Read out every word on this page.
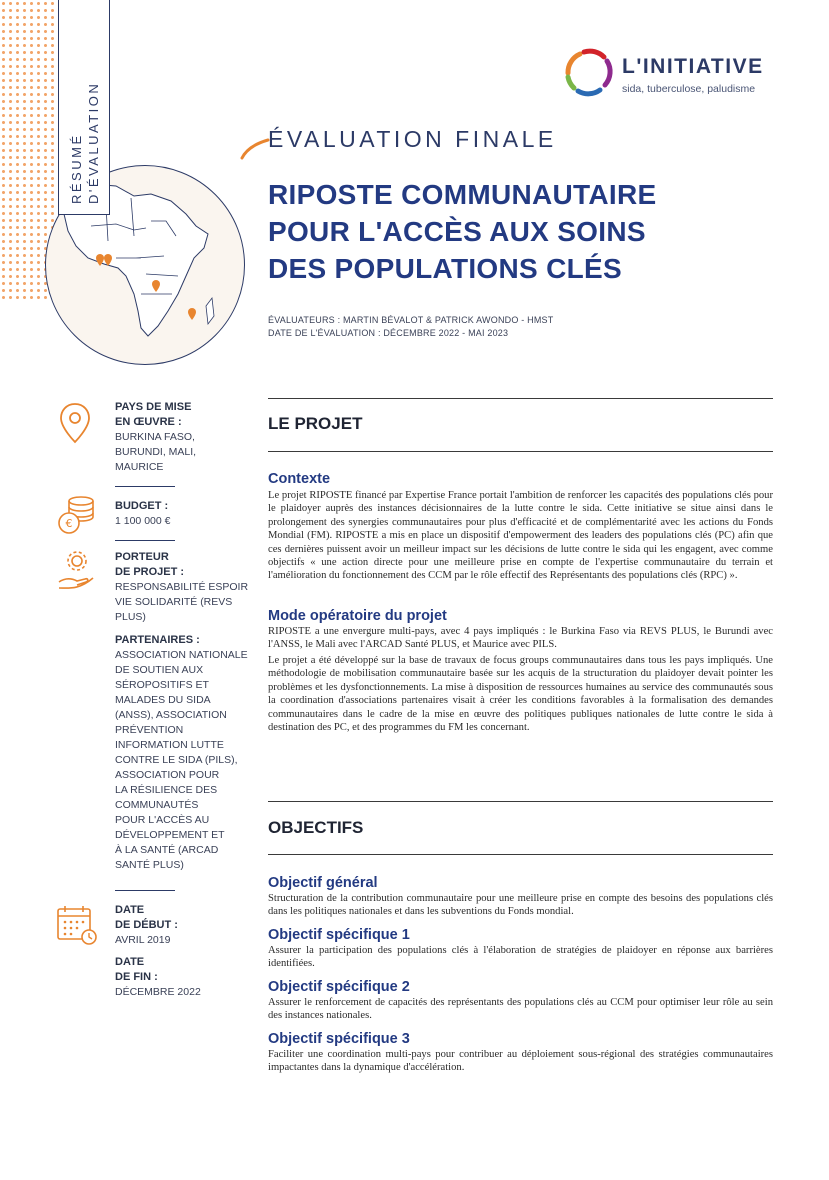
RÉSUMÉ D'ÉVALUATION
L'INITIATIVE
sida, tuberculose, paludisme
ÉVALUATION FINALE
RIPOSTE COMMUNAUTAIRE
POUR L'ACCÈS AUX SOINS
DES POPULATIONS CLÉS
ÉVALUATEURS : MARTIN BÉVALOT & PATRICK AWONDO - HMST
DATE DE L'ÉVALUATION : DÉCEMBRE 2022 - MAI 2023
€
PAYS DE MISE
EN ŒUVRE :
BURKINA FASO,
BURUNDI, MALI,
MAURICE
BUDGET :
1 100 000 €
PORTEUR
DE PROJET :
RESPONSABILITÉ ESPOIR
VIE SOLIDARITÉ (REVS
PLUS)
PARTENAIRES :
ASSOCIATION NATIONALE
DE SOUTIEN AUX
SÉROPOSITIFS ET
MALADES DU SIDA
(ANSS), ASSOCIATION
PRÉVENTION
INFORMATION LUTTE
CONTRE LE SIDA (PILS),
ASSOCIATION POUR
LA RÉSILIENCE DES
COMMUNAUTÉS
POUR L'ACCÈS AU
DÉVELOPPEMENT ET
À LA SANTÉ (ARCAD
SANTÉ PLUS)
DATE
DE DÉBUT :
AVRIL 2019
DATE
DE FIN :
DÉCEMBRE 2022
LE PROJET
Contexte
Le projet RIPOSTE financé par Expertise France portait l'ambition de renforcer les capacités des populations clés pour le plaidoyer auprès des instances décisionnaires de la lutte contre le sida. Cette initiative se situe ainsi dans le prolongement des synergies communautaires pour plus d'efficacité et de complémentarité avec les actions du Fonds Mondial (FM). RIPOSTE a mis en place un dispositif d'empowerment des leaders des populations clés (PC) afin que ces dernières puissent avoir un meilleur impact sur les décisions de lutte contre le sida qui les engagent, avec comme objectifs « une action directe pour une meilleure prise en compte de l'expertise communautaire du terrain et l'amélioration du fonctionnement des CCM par le rôle effectif des Représentants des populations clés (RPC) ».
Mode opératoire du projet
RIPOSTE a une envergure multi-pays, avec 4 pays impliqués : le Burkina Faso via REVS PLUS, le Burundi avec l'ANSS, le Mali avec l'ARCAD Santé PLUS, et Maurice avec PILS.
Le projet a été développé sur la base de travaux de focus groups communautaires dans tous les pays impliqués. Une méthodologie de mobilisation communautaire basée sur les acquis de la structuration du plaidoyer devait pointer les problèmes et les dysfonctionnements. La mise à disposition de ressources humaines au service des communautés sous la coordination d'associations partenaires visait à créer les conditions favorables à la formalisation des demandes communautaires dans le cadre de la mise en œuvre des politiques publiques nationales de lutte contre le sida à destination des PC, et des programmes du FM les concernant.
OBJECTIFS
Objectif général
Structuration de la contribution communautaire pour une meilleure prise en compte des besoins des populations clés dans les politiques nationales et dans les subventions du Fonds mondial.
Objectif spécifique 1
Assurer la participation des populations clés à l'élaboration de stratégies de plaidoyer en réponse aux barrières identifiées.
Objectif spécifique 2
Assurer le renforcement de capacités des représentants des populations clés au CCM pour optimiser leur rôle au sein des instances nationales.
Objectif spécifique 3
Faciliter une coordination multi-pays pour contribuer au déploiement sous-régional des stratégies communautaires impactantes dans la dynamique d'accélération.
